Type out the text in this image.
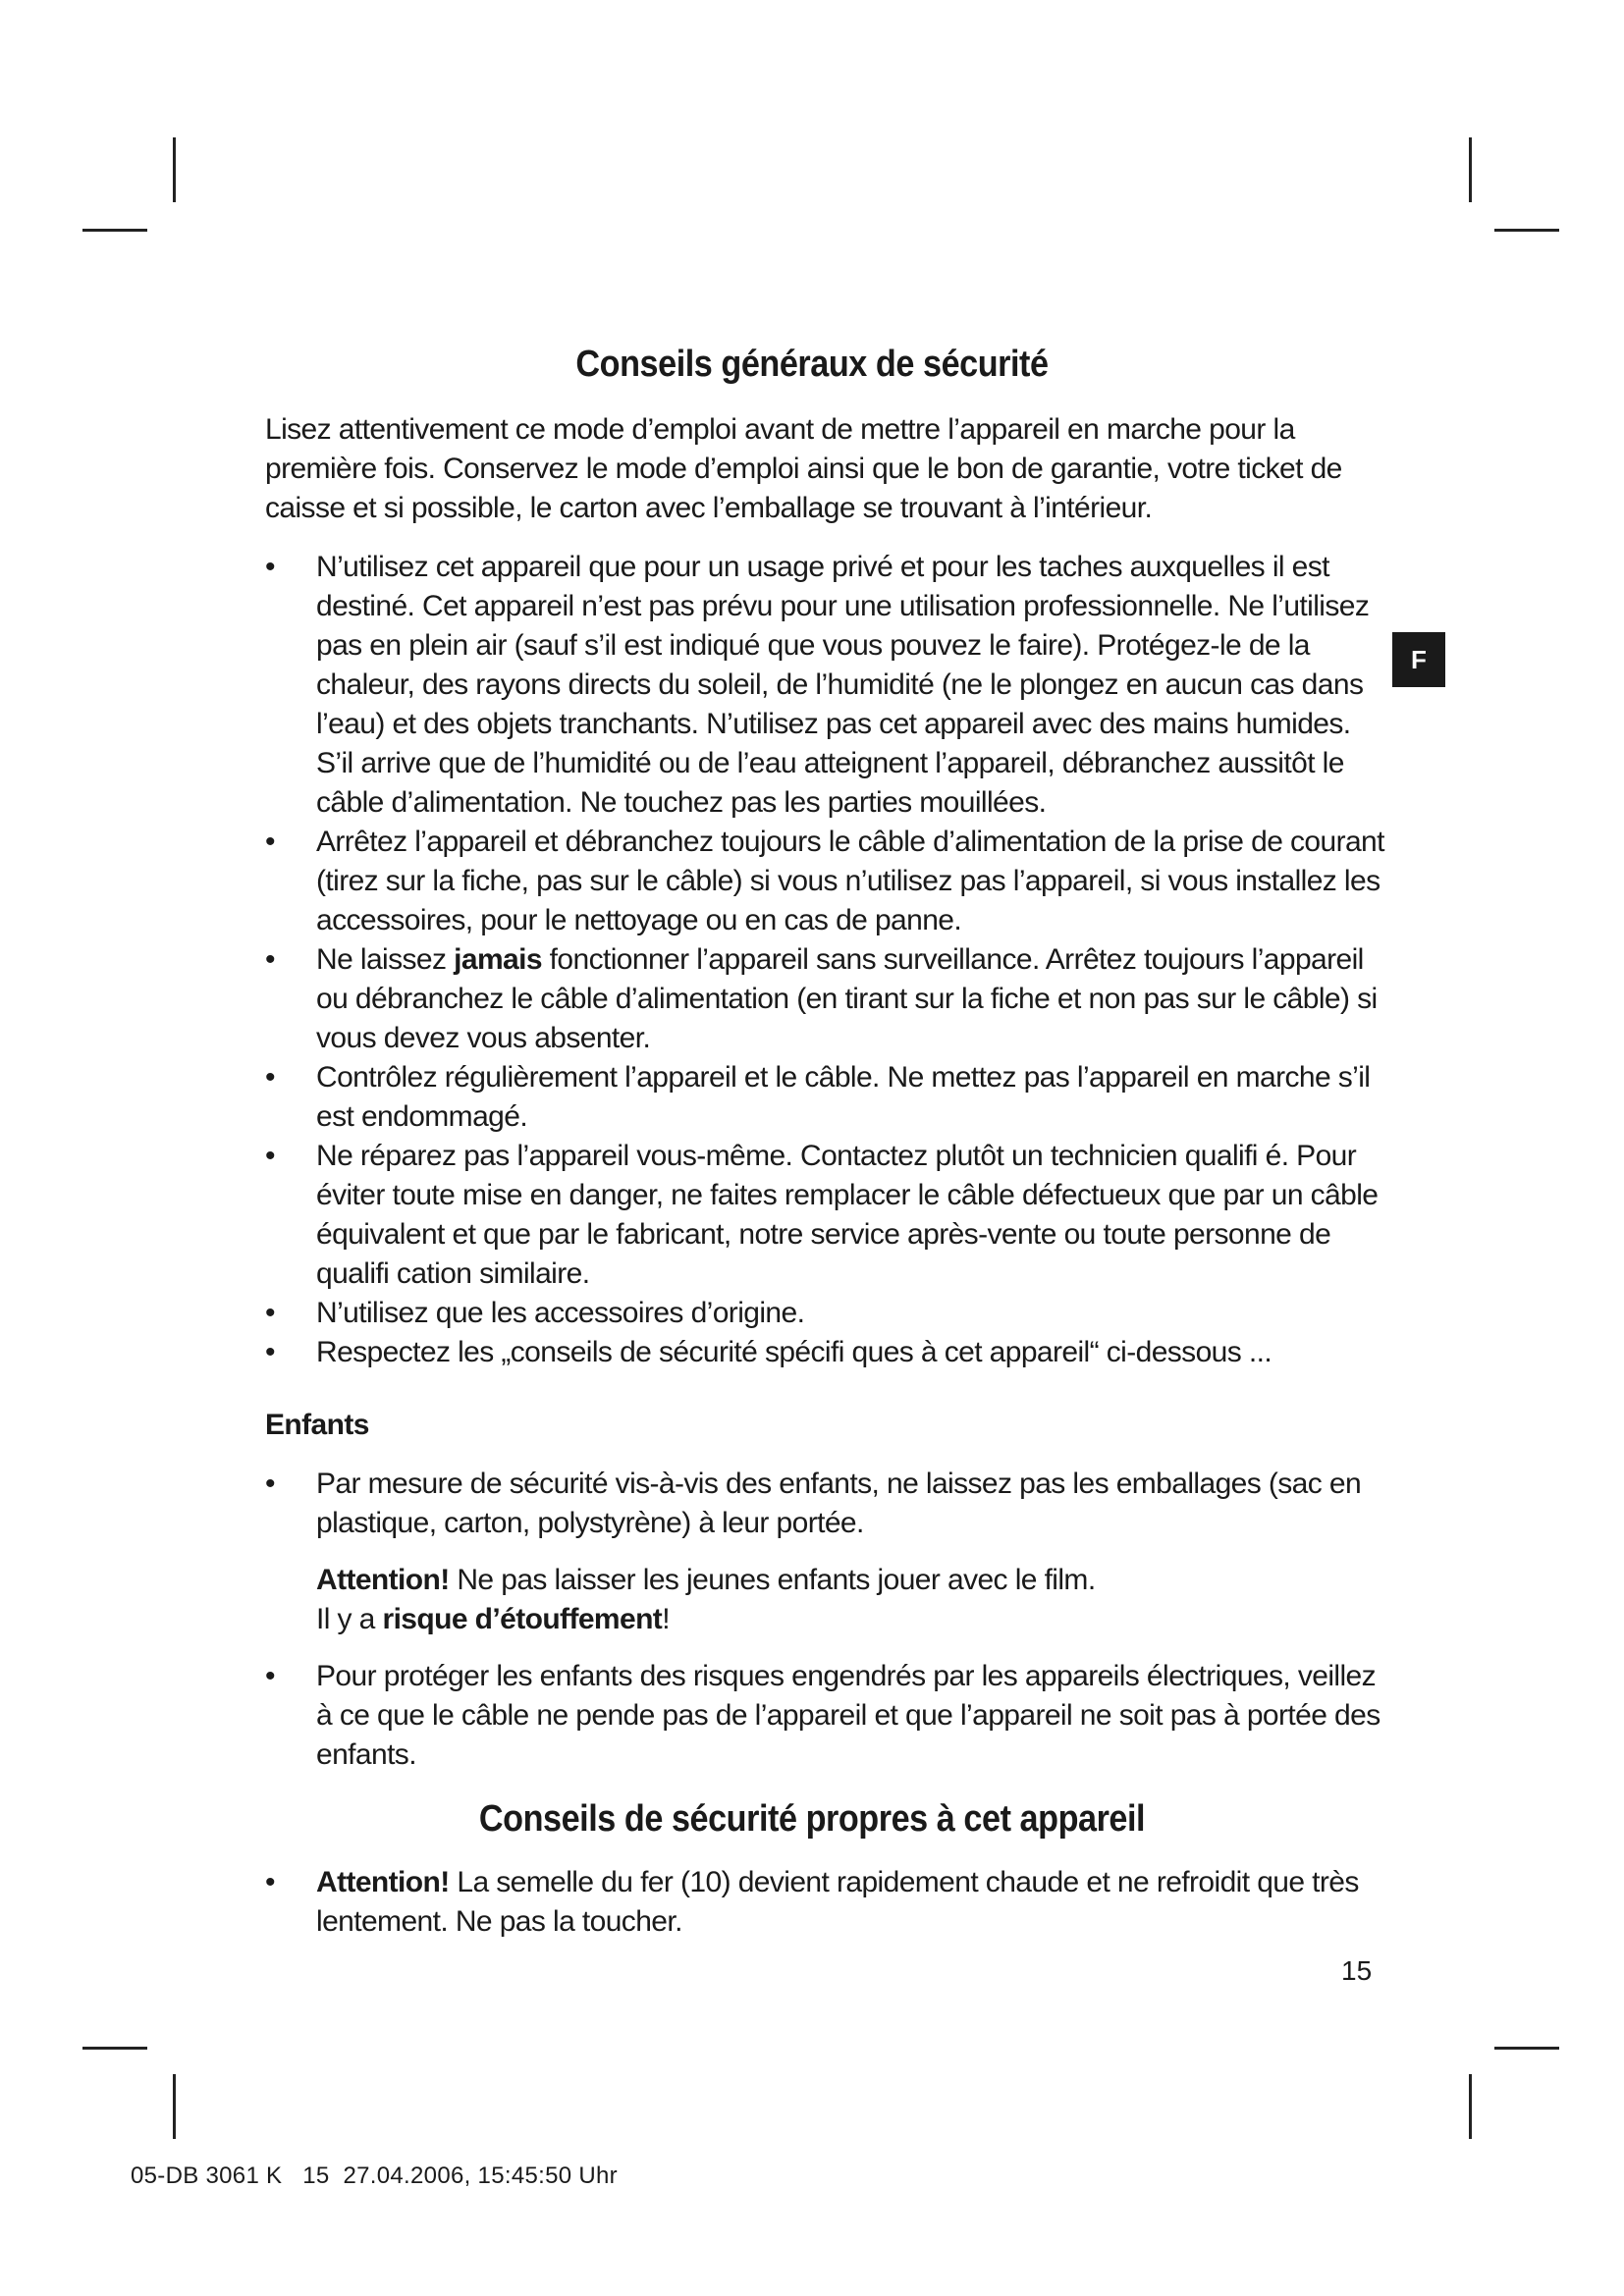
Conseils généraux de sécurité

Lisez attentivement ce mode d’emploi avant de mettre l’appareil en marche pour la première fois. Conservez le mode d’emploi ainsi que le bon de garantie, votre ticket de caisse et si possible, le carton avec l’emballage se trouvant à l’intérieur.

•	N’utilisez cet appareil que pour un usage privé et pour les taches auxquelles il est destiné. Cet appareil n’est pas prévu pour une utilisation professionnelle. Ne l’utilisez pas en plein air (sauf s’il est indiqué que vous pouvez le faire). Protégez-le de la chaleur, des rayons directs du soleil, de l’humidité (ne le plongez en aucun cas dans l’eau) et des objets tranchants. N’utilisez pas cet appareil avec des mains humides. S’il arrive que de l’humidité ou de l’eau atteignent l’appareil, débranchez aussitôt le câble d’alimentation. Ne touchez pas les parties mouillées.
•	Arrêtez l’appareil et débranchez toujours le câble d’alimentation de la prise de courant (tirez sur la fiche, pas sur le câble) si vous n’utilisez pas l’appareil, si vous installez les accessoires, pour le nettoyage ou en cas de panne.
•	Ne laissez jamais fonctionner l’appareil sans surveillance. Arrêtez toujours l’appareil ou débranchez le câble d’alimentation (en tirant sur la fiche et non pas sur le câble) si vous devez vous absenter.
•	Contrôlez régulièrement l’appareil et le câble. Ne mettez pas l’appareil en marche s’il est endommagé.
•	Ne réparez pas l’appareil vous-même. Contactez plutôt un technicien qualifi é. Pour éviter toute mise en danger, ne faites remplacer le câble défectueux que par un câble équivalent et que par le fabricant, notre service après-vente ou toute personne de qualifi cation similaire.
•	N’utilisez que les accessoires d’origine.
•	Respectez les „conseils de sécurité spécifi ques à cet appareil“ ci-dessous ...
Enfants
•	Par mesure de sécurité vis-à-vis des enfants, ne laissez pas les emballages (sac en plastique, carton, polystyrène) à leur portée.

Attention! Ne pas laisser les jeunes enfants jouer avec le film.

Il y a risque d’étouffement!

•	Pour protéger les enfants des risques engendrés par les appareils électriques, veillez à ce que le câble ne pende pas de l’appareil et que l’appareil ne soit pas à portée des enfants.
Conseils de sécurité propres à cet appareil
•	Attention! La semelle du fer (10) devient rapidement chaude et ne refroidit que très lentement. Ne pas la toucher.
F
15
05-DB 3061 K   15  27.04.2006, 15:45:50 Uhr
